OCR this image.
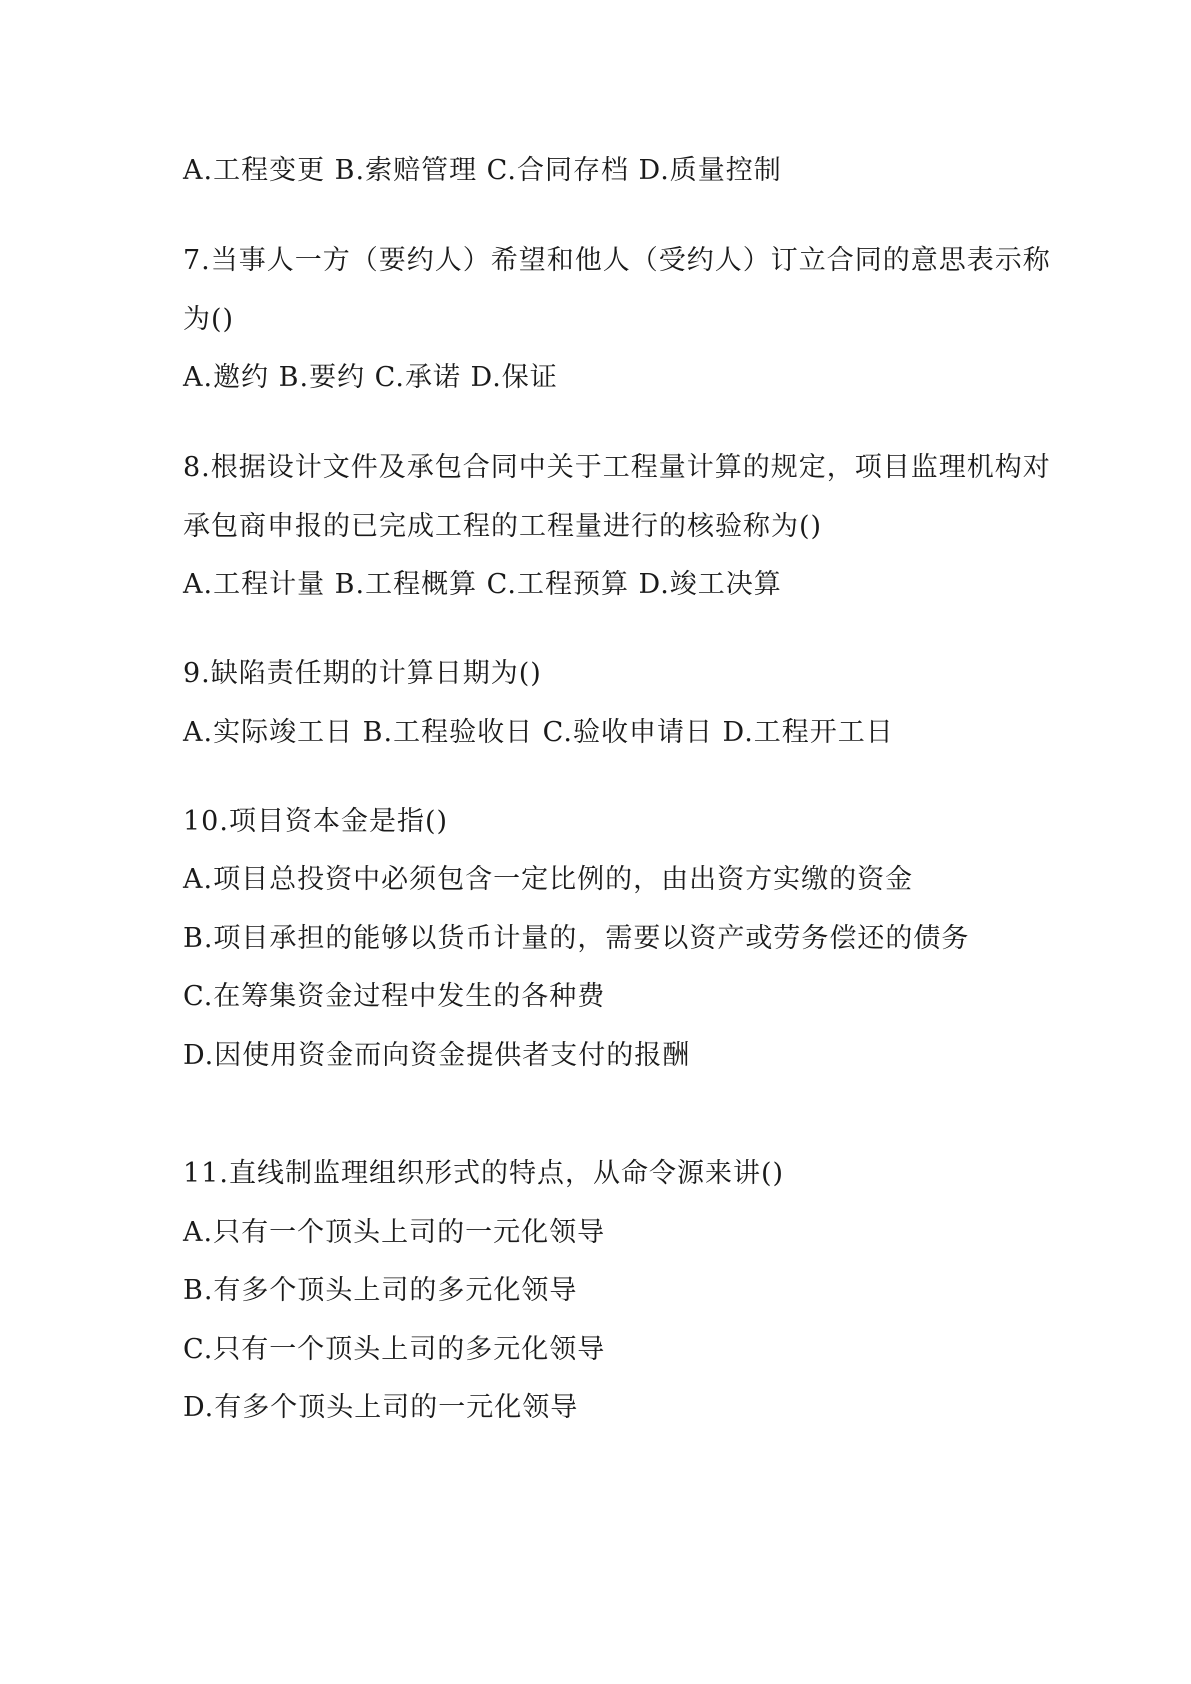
A.工程变更 B.索赔管理 C.合同存档 D.质量控制
7.当事人一方（要约人）希望和他人（受约人）订立合同的意思表示称
为()
A.邀约 B.要约 C.承诺 D.保证
8.根据设计文件及承包合同中关于工程量计算的规定，项目监理机构对
承包商申报的已完成工程的工程量进行的核验称为()
A.工程计量 B.工程概算 C.工程预算 D.竣工决算
9.缺陷责任期的计算日期为()
A.实际竣工日 B.工程验收日 C.验收申请日 D.工程开工日
10.项目资本金是指()
A.项目总投资中必须包含一定比例的，由出资方实缴的资金
B.项目承担的能够以货币计量的，需要以资产或劳务偿还的债务
C.在筹集资金过程中发生的各种费
D.因使用资金而向资金提供者支付的报酬
11.直线制监理组织形式的特点，从命令源来讲()
A.只有一个顶头上司的一元化领导
B.有多个顶头上司的多元化领导
C.只有一个顶头上司的多元化领导
D.有多个顶头上司的一元化领导
